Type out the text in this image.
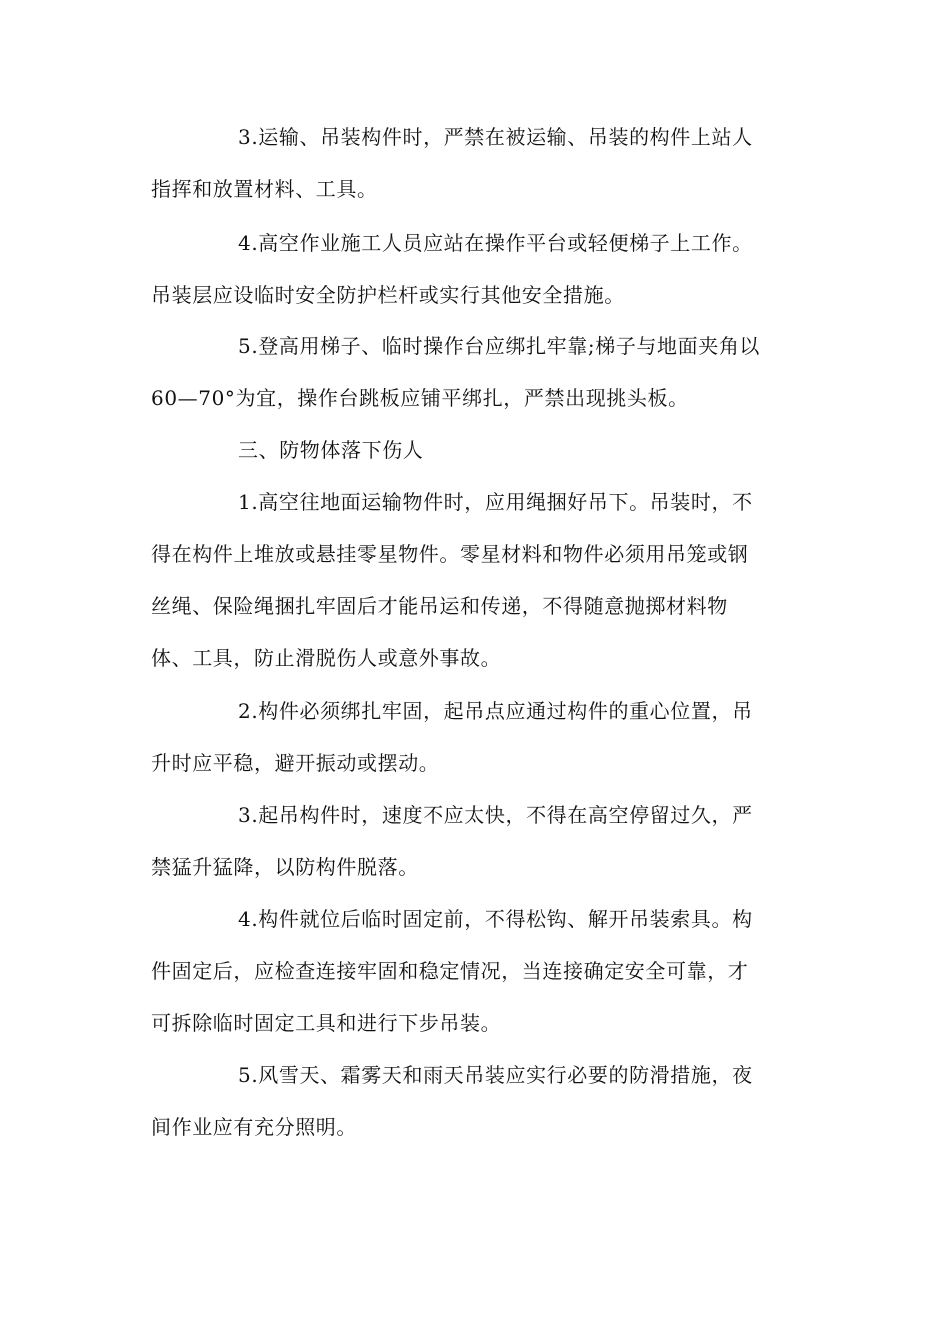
3.运输、吊装构件时，严禁在被运输、吊装的构件上站人
指挥和放置材料、工具。
4.高空作业施工人员应站在操作平台或轻便梯子上工作。
吊装层应设临时安全防护栏杆或实行其他安全措施。
5.登高用梯子、临时操作台应绑扎牢靠;梯子与地面夹角以
60—70°为宜，操作台跳板应铺平绑扎，严禁出现挑头板。
三、防物体落下伤人
1.高空往地面运输物件时，应用绳捆好吊下。吊装时，不
得在构件上堆放或悬挂零星物件。零星材料和物件必须用吊笼或钢
丝绳、保险绳捆扎牢固后才能吊运和传递，不得随意抛掷材料物
体、工具，防止滑脱伤人或意外事故。
2.构件必须绑扎牢固，起吊点应通过构件的重心位置，吊
升时应平稳，避开振动或摆动。
3.起吊构件时，速度不应太快，不得在高空停留过久，严
禁猛升猛降，以防构件脱落。
4.构件就位后临时固定前，不得松钩、解开吊装索具。构
件固定后，应检查连接牢固和稳定情况，当连接确定安全可靠，才
可拆除临时固定工具和进行下步吊装。
5.风雪天、霜雾天和雨天吊装应实行必要的防滑措施，夜
间作业应有充分照明。
